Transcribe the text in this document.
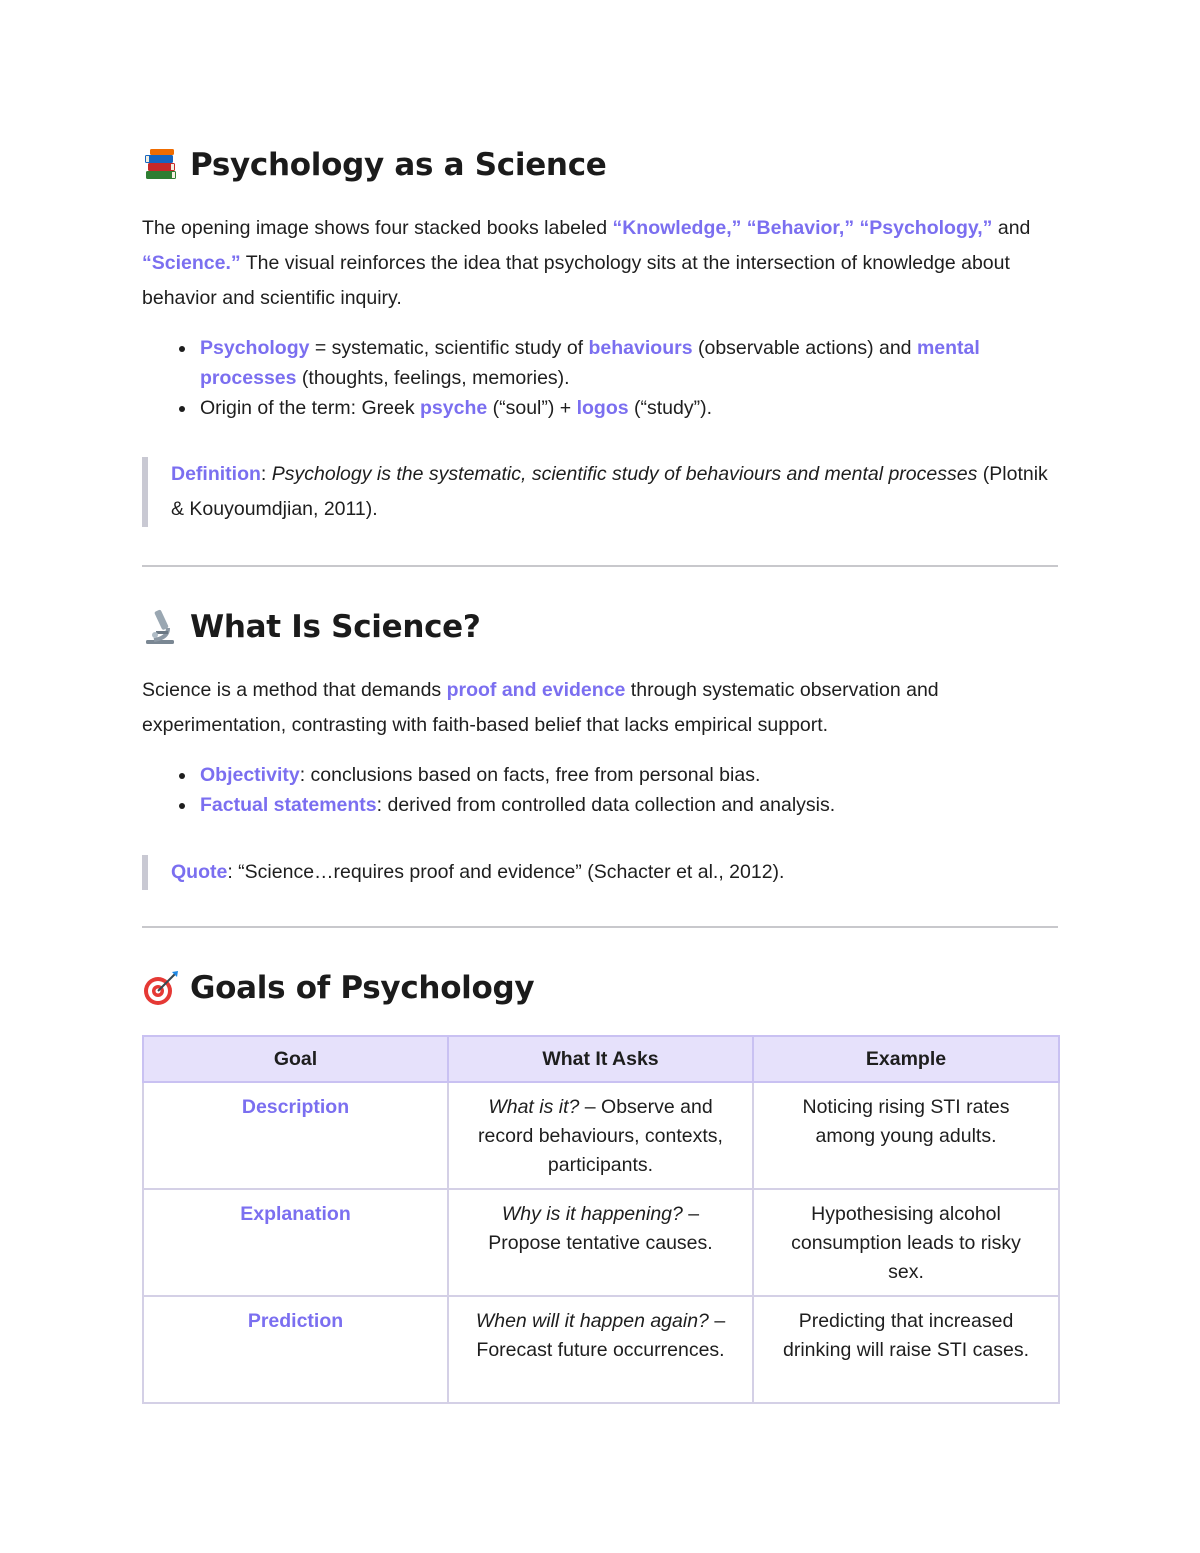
Psychology as a Science

The opening image shows four stacked books labeled “Knowledge,” “Behavior,” “Psychology,” and “Science.” The visual reinforces the idea that psychology sits at the intersection of knowledge about behavior and scientific inquiry.

Psychology = systematic, scientific study of behaviours (observable actions) and mental processes (thoughts, feelings, memories).
Origin of the term: Greek psyche (“soul”) + logos (“study”).
Definition: Psychology is the systematic, scientific study of behaviours and mental processes (Plotnik & Kouyoumdjian, 2011).
What Is Science?

Science is a method that demands proof and evidence through systematic observation and experimentation, contrasting with faith-based belief that lacks empirical support.

Objectivity: conclusions based on facts, free from personal bias.
Factual statements: derived from controlled data collection and analysis.
Quote: “Science…requires proof and evidence” (Schacter et al., 2012).
Goals of Psychology
Goal	What It Asks	Example
Description	What is it? – Observe and record behaviours, contexts, participants.	Noticing rising STI rates among young adults.
Explanation	Why is it happening? – Propose tentative causes.	Hypothesising alcohol consumption leads to risky sex.
Prediction	When will it happen again? – Forecast future occurrences.	Predicting that increased drinking will raise STI cases.
